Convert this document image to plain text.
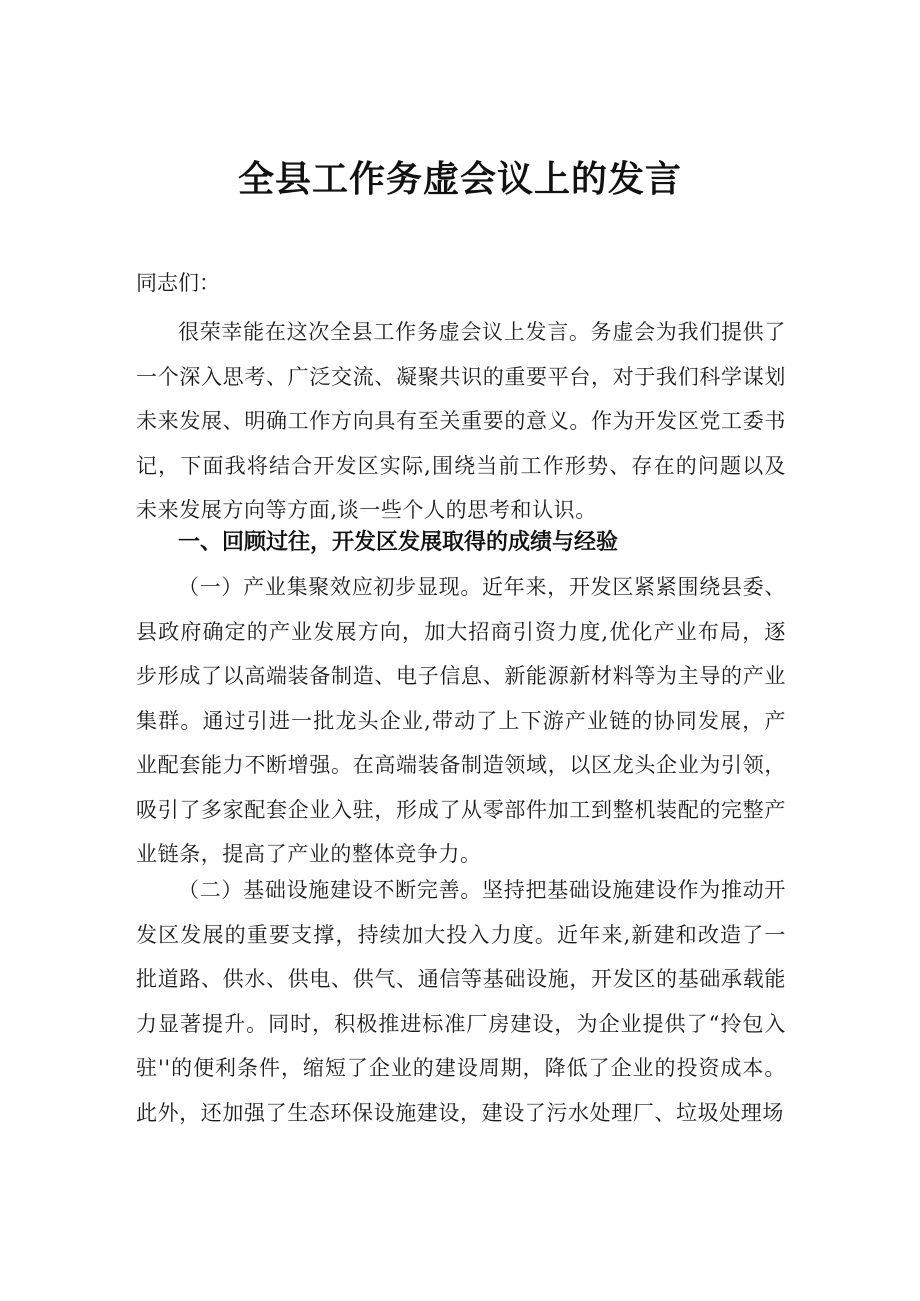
全县工作务虚会议上的发言

同志们：

很荣幸能在这次全县工作务虚会议上发言。务虚会为我们提供了一个深入思考、广泛交流、凝聚共识的重要平台，对于我们科学谋划未来发展、明确工作方向具有至关重要的意义。作为开发区党工委书记，下面我将结合开发区实际,围绕当前工作形势、存在的问题以及未来发展方向等方面,谈一些个人的思考和认识。

一、回顾过往，开发区发展取得的成绩与经验

（一）产业集聚效应初步显现。近年来，开发区紧紧围绕县委、县政府确定的产业发展方向，加大招商引资力度,优化产业布局，逐步形成了以高端装备制造、电子信息、新能源新材料等为主导的产业集群。通过引进一批龙头企业,带动了上下游产业链的协同发展，产业配套能力不断增强。在高端装备制造领域，以区龙头企业为引领，吸引了多家配套企业入驻，形成了从零部件加工到整机装配的完整产业链条，提高了产业的整体竞争力。

（二）基础设施建设不断完善。坚持把基础设施建设作为推动开发区发展的重要支撑，持续加大投入力度。近年来,新建和改造了一批道路、供水、供电、供气、通信等基础设施，开发区的基础承载能力显著提升。同时，积极推进标准厂房建设，为企业提供了“拎包入驻''的便利条件，缩短了企业的建设周期，降低了企业的投资成本。此外，还加强了生态环保设施建设，建设了污水处理厂、垃圾处理场
